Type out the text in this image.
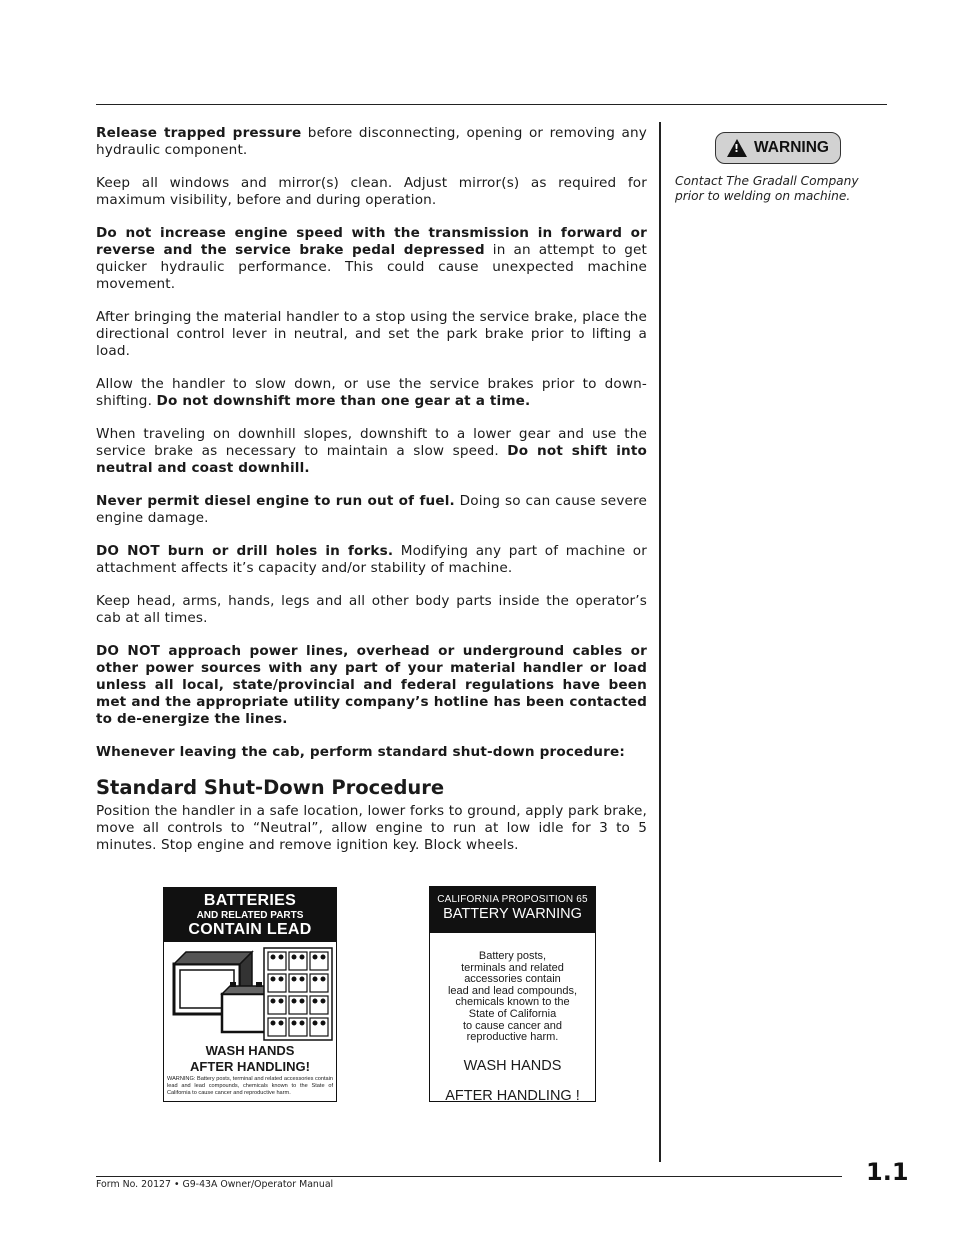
Release trapped pressure before disconnecting, opening or removing any hydraulic component.

Keep all windows and mirror(s) clean. Adjust mirror(s) as required for maximum visibility, before and during operation.

Do not increase engine speed with the transmission in forward or reverse and the service brake pedal depressed in an attempt to get quicker hydraulic performance. This could cause unexpected machine movement.

After bringing the material handler to a stop using the service brake, place the directional control lever in neutral, and set the park brake prior to lifting a load.

Allow the handler to slow down, or use the service brakes prior to down-shifting. Do not downshift more than one gear at a time.

When traveling on downhill slopes, downshift to a lower gear and use the service brake as necessary to maintain a slow speed. Do not shift into neutral and coast downhill.

Never permit diesel engine to run out of fuel. Doing so can cause severe engine damage.

DO NOT burn or drill holes in forks. Modifying any part of machine or attachment affects it’s capacity and/or stability of machine.

Keep head, arms, hands, legs and all other body parts inside the operator’s cab at all times.

DO NOT approach power lines, overhead or underground cables or other power sources with any part of your material handler or load unless all local, state/provincial and federal regulations have been met and the appropriate utility company’s hotline has been contacted to de-energize the lines.

Whenever leaving the cab, perform standard shut-down procedure:

Standard Shut-Down Procedure

Position the handler in a safe location, lower forks to ground, apply park brake, move all controls to “Neutral”, allow engine to run at low idle for 3 to 5 minutes. Stop engine and remove ignition key. Block wheels.

! WARNING
Contact The Gradall Company prior to welding on machine.
BATTERIES
AND RELATED PARTS
CONTAIN LEAD
WASH HANDS
AFTER HANDLING!
WARNING: Battery posts, terminal and related accessories contain lead and lead compounds, chemicals known to the State of California to cause cancer and reproductive harm.
CALIFORNIA PROPOSITION 65
BATTERY WARNING
Battery posts,
terminals and related
accessories contain
lead and lead compounds,
chemicals known to the
State of California
to cause cancer and
reproductive harm.
WASH HANDS
AFTER HANDLING !
Form No. 20127 • G9-43A Owner/Operator Manual	1.1
